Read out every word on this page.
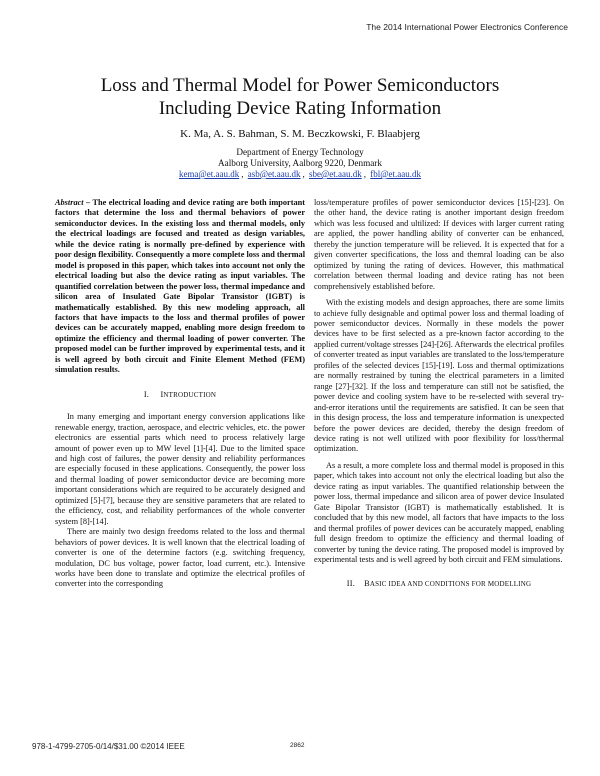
The 2014 International Power Electronics Conference
Loss and Thermal Model for Power Semiconductors
Including Device Rating Information
K. Ma, A. S. Bahman, S. M. Beczkowski, F. Blaabjerg
Department of Energy Technology
Aalborg University, Aalborg 9220, Denmark
kema@et.aau.dk , asb@et.aau.dk , sbe@et.aau.dk , fbl@et.aau.dk

Abstract – The electrical loading and device rating are both important factors that determine the loss and thermal behaviors of power semiconductor devices. In the existing loss and thermal models, only the electrical loadings are focused and treated as design variables, while the device rating is normally pre-defined by experience with poor design flexibility. Consequently a more complete loss and thermal model is proposed in this paper, which takes into account not only the electrical loading but also the device rating as input variables. The quantified correlation between the power loss, thermal impedance and silicon area of Insulated Gate Bipolar Transistor (IGBT) is mathematically established. By this new modeling approach, all factors that have impacts to the loss and thermal profiles of power devices can be accurately mapped, enabling more design freedom to optimize the efficiency and thermal loading of power converter. The proposed model can be further improved by experimental tests, and it is well agreed by both circuit and Finite Element Method (FEM) simulation results.

I. INTRODUCTION

In many emerging and important energy conversion applications like renewable energy, traction, aerospace, and electric vehicles, etc. the power electronics are essential parts which need to process relatively large amount of power even up to MW level [1]-[4]. Due to the limited space and high cost of failures, the power density and reliability performances are especially focused in these applications. Consequently, the power loss and thermal loading of power semiconductor device are becoming more important considerations which are required to be accurately designed and optimized [5]-[7], because they are sensitive parameters that are related to the efficiency, cost, and reliability performances of the whole converter system [8]-[14].

There are mainly two design freedoms related to the loss and thermal behaviors of power devices. It is well known that the electrical loading of converter is one of the determine factors (e.g. switching frequency, modulation, DC bus voltage, power factor, load current, etc.). Intensive works have been done to translate and optimize the electrical profiles of converter into the corresponding

loss/temperature profiles of power semiconductor devices [15]-[23]. On the other hand, the device rating is another important design freedom which was less focused and ultilized: If devices with larger current rating are applied, the power handling ability of converter can be enhanced, thereby the junction temperature will be relieved. It is expected that for a given converter specifications, the loss and themral loading can be also optimized by tuning the rating of devices. However, this mathmatical correlation between thermal loading and device rating has not been comprehensively established before.

With the existing models and design approaches, there are some limits to achieve fully designable and optimal power loss and thermal loading of power semiconductor devices. Normally in these models the power devices have to be first selected as a pre-known factor according to the applied current/voltage stresses [24]-[26]. Afterwards the electrical profiles of converter treated as input variables are translated to the loss/temperature profiles of the selected devices [15]-[19]. Loss and thermal optimizations are normally restrained by tuning the electrical parameters in a limited range [27]-[32]. If the loss and temperature can still not be satisfied, the power device and cooling system have to be re-selected with several try-and-error iterations until the requirements are satisfied. It can be seen that in this design process, the loss and temperature information is unexpected before the power devices are decided, thereby the design freedom of device rating is not well utilized with poor flexibility for loss/thermal optimization.

As a result, a more complete loss and thermal model is proposed in this paper, which takes into account not only the electrical loading but also the device rating as input variables. The quantified relationship between the power loss, thermal impedance and silicon area of power device Insulated Gate Bipolar Transistor (IGBT) is mathematically established. It is concluded that by this new model, all factors that have impacts to the loss and thermal profiles of power devices can be accurately mapped, enabling full design freedom to optimize the efficiency and thermal loading of converter by tuning the device rating. The proposed model is improved by experimental tests and is well agreed by both circuit and FEM simulations.

II. BASIC IDEA AND CONDITIONS FOR MODELLING
978-1-4799-2705-0/14/$31.00 ©2014 IEEE	2862
